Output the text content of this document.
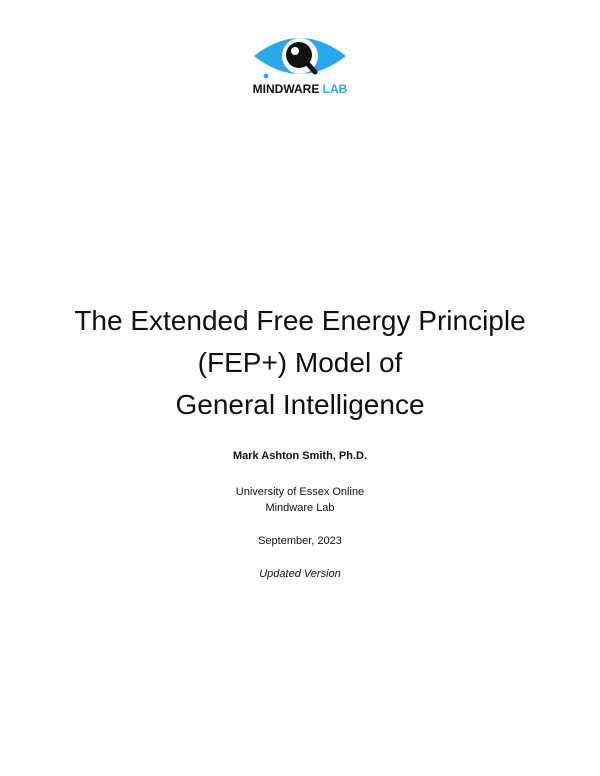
MINDWARE LAB
The Extended Free Energy Principle
(FEP+) Model of
General Intelligence
Mark Ashton Smith, Ph.D.
University of Essex Online
Mindware Lab
September, 2023
Updated Version
